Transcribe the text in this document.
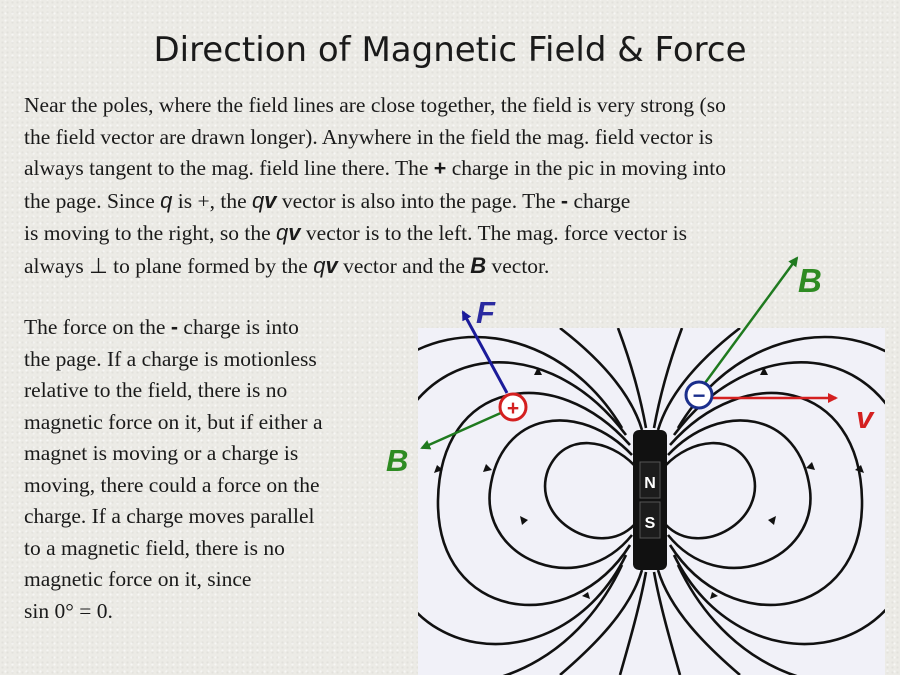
Direction of Magnetic Field & Force
Near the poles, where the field lines are close together, the field is very strong (so
the field vector are drawn longer). Anywhere in the field the mag. field vector is
always tangent to the mag. field line there. The + charge in the pic in moving into
the page. Since q is +, the qv vector is also into the page. The - charge
is moving to the right, so the qv vector is to the left. The mag. force vector is
always ⊥ to plane formed by the qv vector and the B vector.
The force on the - charge is into
the page. If a charge is motionless
relative to the field, there is no
magnetic force on it, but if either a
magnet is moving or a charge is
moving, there could a force on the
charge. If a charge moves parallel
to a magnetic field, there is no
magnetic force on it, since
sin 0° = 0.
N
S
+
−
F
B
B
v
